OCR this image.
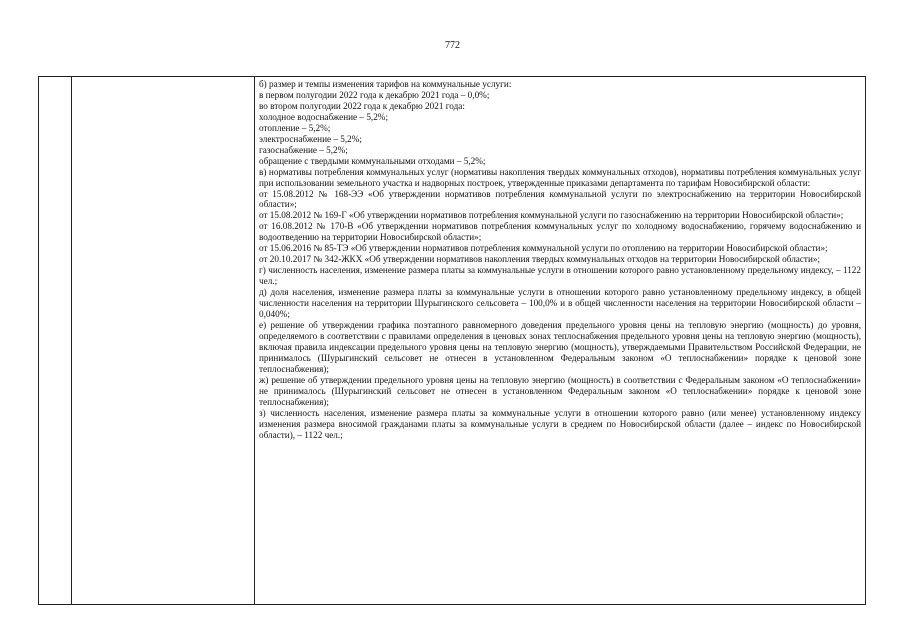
772

б) размер и темпы изменения тарифов на коммунальные услуги:

в первом полугодии 2022 года к декабрю 2021 года – 0,0%;

во втором полугодии 2022 года к декабрю 2021 года:

холодное водоснабжение – 5,2%;

отопление – 5,2%;

электроснабжение – 5,2%;

газоснабжение – 5,2%;

обращение с твердыми коммунальными отходами – 5,2%;

в) нормативы потребления коммунальных услуг (нормативы накопления твердых коммунальных отходов), нормативы потребления коммунальных услуг при использовании земельного участка и надворных построек, утвержденные приказами департамента по тарифам Новосибирской области:

от 15.08.2012 № 168-ЭЭ «Об утверждении нормативов потребления коммунальной услуги по электроснабжению на территории Новосибирской области»;

от 15.08.2012 № 169-Г «Об утверждении нормативов потребления коммунальной услуги по газоснабжению на территории Новосибирской области»;

от 16.08.2012 № 170-В «Об утверждении нормативов потребления коммунальных услуг по холодному водоснабжению, горячему водоснабжению и водоотведению на территории Новосибирской области»;

от 15.06.2016 № 85-ТЭ «Об утверждении нормативов потребления коммунальной услуги по отоплению на территории Новосибирской области»;

от 20.10.2017 № 342-ЖКХ «Об утверждении нормативов накопления твердых коммунальных отходов на территории Новосибирской области»;

г) численность населения, изменение размера платы за коммунальные услуги в отношении которого равно установленному предельному индексу, – 1122 чел.;

д) доля населения, изменение размера платы за коммунальные услуги в отношении которого равно установленному предельному индексу, в общей численности населения на территории Шурыгинского сельсовета – 100,0% и в общей численности населения на территории Новосибирской области – 0,040%;

е) решение об утверждении графика поэтапного равномерного доведения предельного уровня цены на тепловую энергию (мощность) до уровня, определяемого в соответствии с правилами определения в ценовых зонах теплоснабжения предельного уровня цены на тепловую энергию (мощность), включая правила индексации предельного уровня цены на тепловую энергию (мощность), утверждаемыми Правительством Российской Федерации, не принималось (Шурыгинский сельсовет не отнесен в установленном Федеральным законом «О теплоснабжении» порядке к ценовой зоне теплоснабжения);

ж) решение об утверждении предельного уровня цены на тепловую энергию (мощность) в соответствии с Федеральным законом «О теплоснабжении» не принималось (Шурыгинский сельсовет не отнесен в установленном Федеральным законом «О теплоснабжении» порядке к ценовой зоне теплоснабжения);

з) численность населения, изменение размера платы за коммунальные услуги в отношении которого равно (или менее) установленному индексу изменения размера вносимой гражданами платы за коммунальные услуги в среднем по Новосибирской области (далее – индекс по Новосибирской области), – 1122 чел.;
